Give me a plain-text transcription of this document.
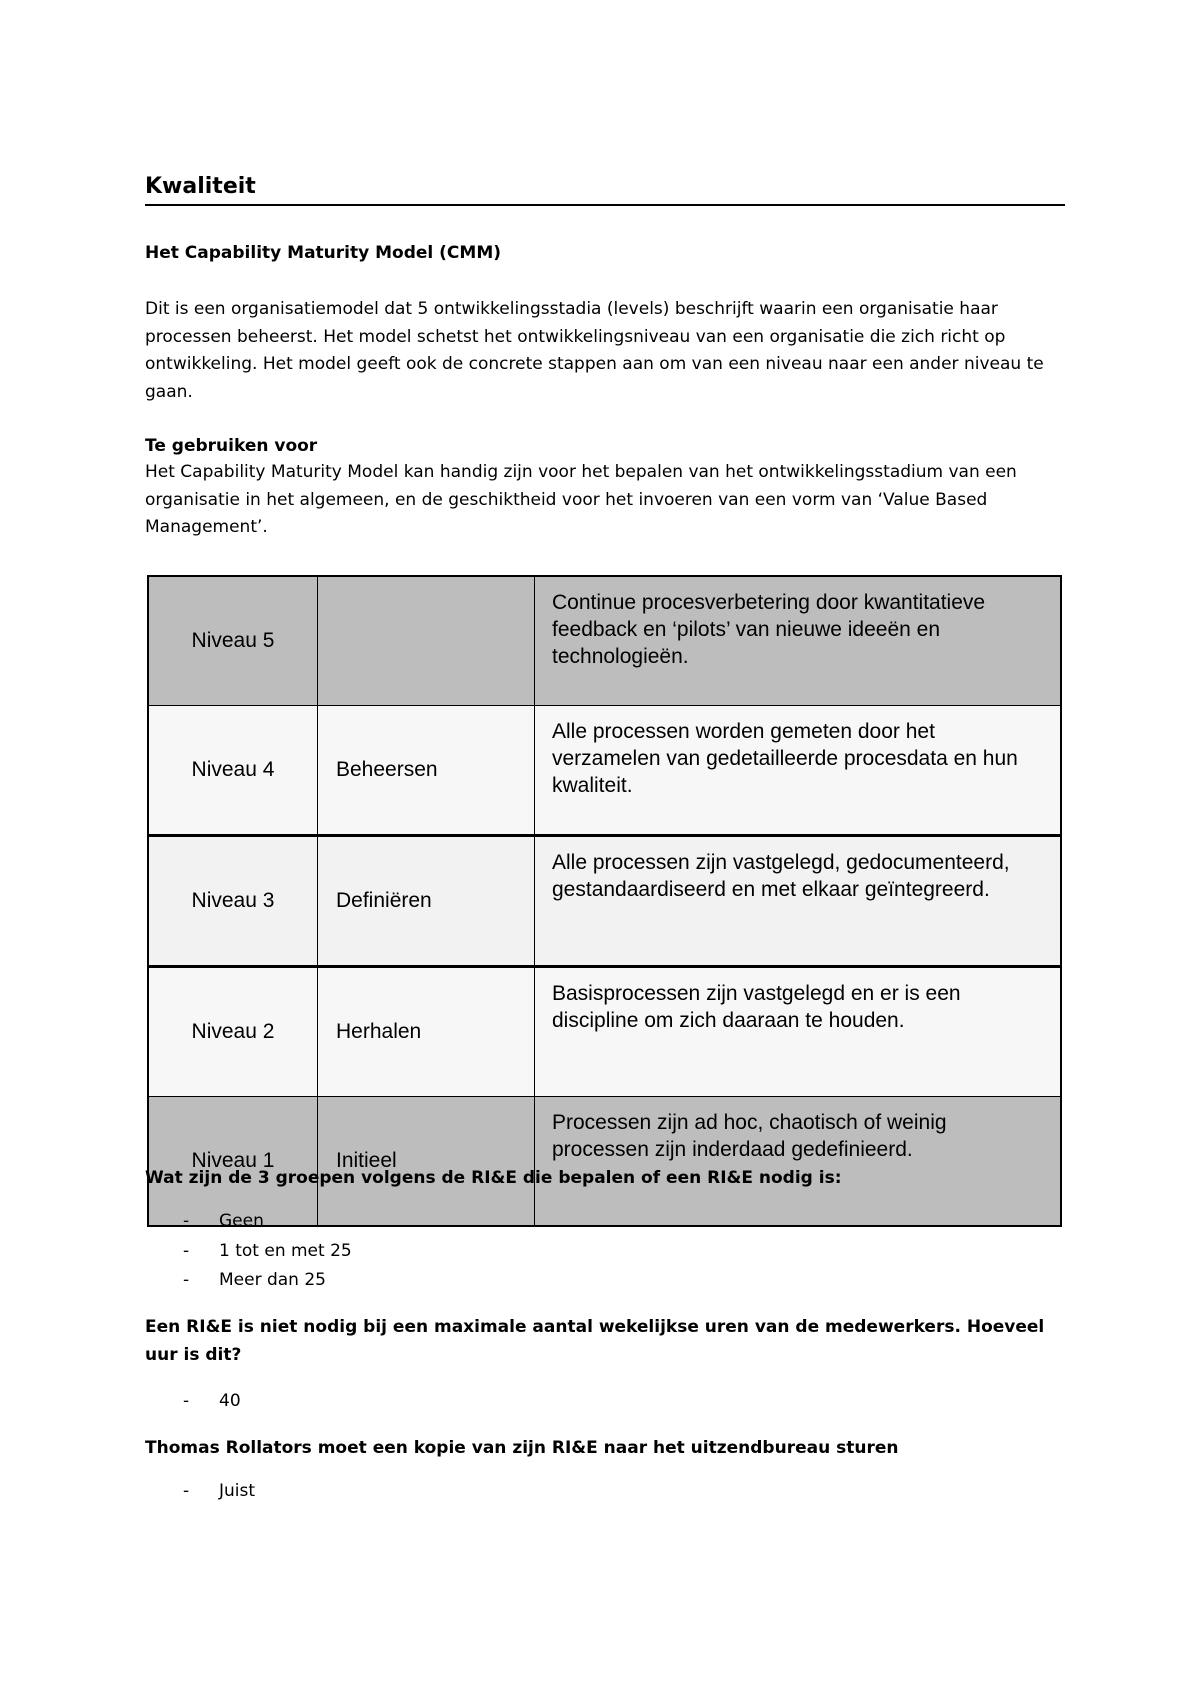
Kwaliteit
Het Capability Maturity Model (CMM)
Dit is een organisatiemodel dat 5 ontwikkelingsstadia (levels) beschrijft waarin een organisatie haar processen beheerst. Het model schetst het ontwikkelingsniveau van een organisatie die zich richt op ontwikkeling. Het model geeft ook de concrete stappen aan om van een niveau naar een ander niveau te gaan.
Te gebruiken voor
Het Capability Maturity Model kan handig zijn voor het bepalen van het ontwikkelingsstadium van een organisatie in het algemeen, en de geschiktheid voor het invoeren van een vorm van ‘Value Based Management’.
Niveau 5		Continue procesverbetering door kwantitatieve feedback en ‘pilots’ van nieuwe ideeën en technologieën.

Niveau 4	Beheersen	Alle processen worden gemeten door het verzamelen van gedetailleerde procesdata en hun kwaliteit.

Niveau 3	Definiëren	Alle processen zijn vastgelegd, gedocumenteerd, gestandaardiseerd en met elkaar geïntegreerd.

Niveau 2	Herhalen	Basisprocessen zijn vastgelegd en er is een discipline om zich daaraan te houden.

Niveau 1	Initieel	Processen zijn ad hoc, chaotisch of weinig processen zijn inderdaad gedefinieerd.
Wat zijn de 3 groepen volgens de RI&E die bepalen of een RI&E nodig is:
- Geen
- 1 tot en met 25
- Meer dan 25
Een RI&E is niet nodig bij een maximale aantal wekelijkse uren van de medewerkers. Hoeveel uur is dit?
- 40
Thomas Rollators moet een kopie van zijn RI&E naar het uitzendbureau sturen
- Juist
